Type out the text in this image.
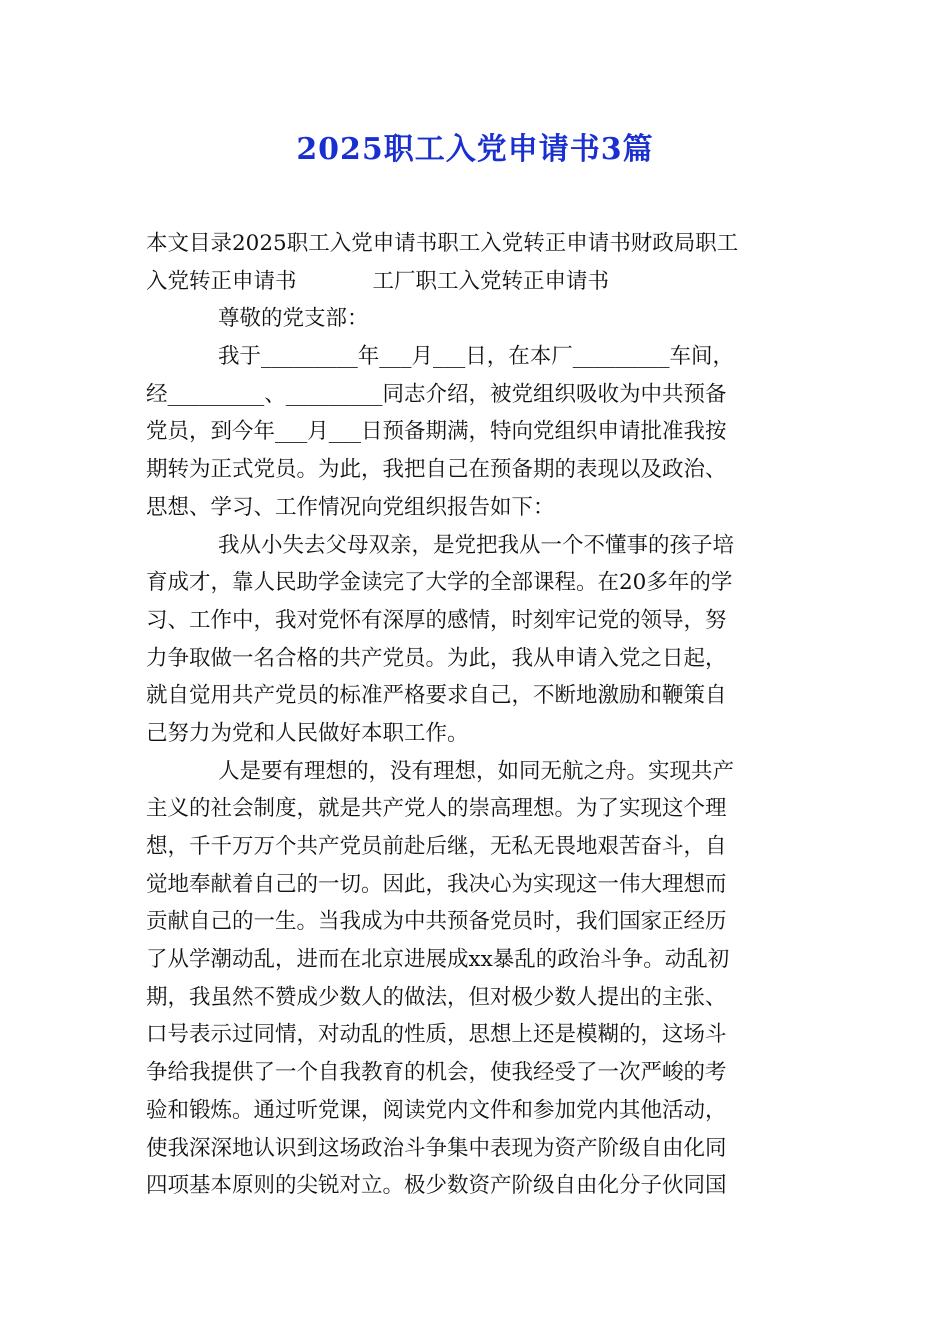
2025职工入党申请书3篇
本文目录2025职工入党申请书职工入党转正申请书财政局职工
入党转正申请书	工厂职工入党转正申请书
尊敬的党支部：
我于_________年___月___日，在本厂_________车间，
经_________、_________同志介绍，被党组织吸收为中共预备
党员，到今年___月___日预备期满，特向党组织申请批准我按
期转为正式党员。为此，我把自己在预备期的表现以及政治、
思想、学习、工作情况向党组织报告如下：
我从小失去父母双亲，是党把我从一个不懂事的孩子培
育成才，靠人民助学金读完了大学的全部课程。在20多年的学
习、工作中，我对党怀有深厚的感情，时刻牢记党的领导，努
力争取做一名合格的共产党员。为此，我从申请入党之日起，
就自觉用共产党员的标准严格要求自己，不断地激励和鞭策自
己努力为党和人民做好本职工作。
人是要有理想的，没有理想，如同无航之舟。实现共产
主义的社会制度，就是共产党人的崇高理想。为了实现这个理
想，千千万万个共产党员前赴后继，无私无畏地艰苦奋斗，自
觉地奉献着自己的一切。因此，我决心为实现这一伟大理想而
贡献自己的一生。当我成为中共预备党员时，我们国家正经历
了从学潮动乱，进而在北京进展成xx暴乱的政治斗争。动乱初
期，我虽然不赞成少数人的做法，但对极少数人提出的主张、
口号表示过同情，对动乱的性质，思想上还是模糊的，这场斗
争给我提供了一个自我教育的机会，使我经受了一次严峻的考
验和锻炼。通过听党课，阅读党内文件和参加党内其他活动，
使我深深地认识到这场政治斗争集中表现为资产阶级自由化同
四项基本原则的尖锐对立。极少数资产阶级自由化分子伙同国
